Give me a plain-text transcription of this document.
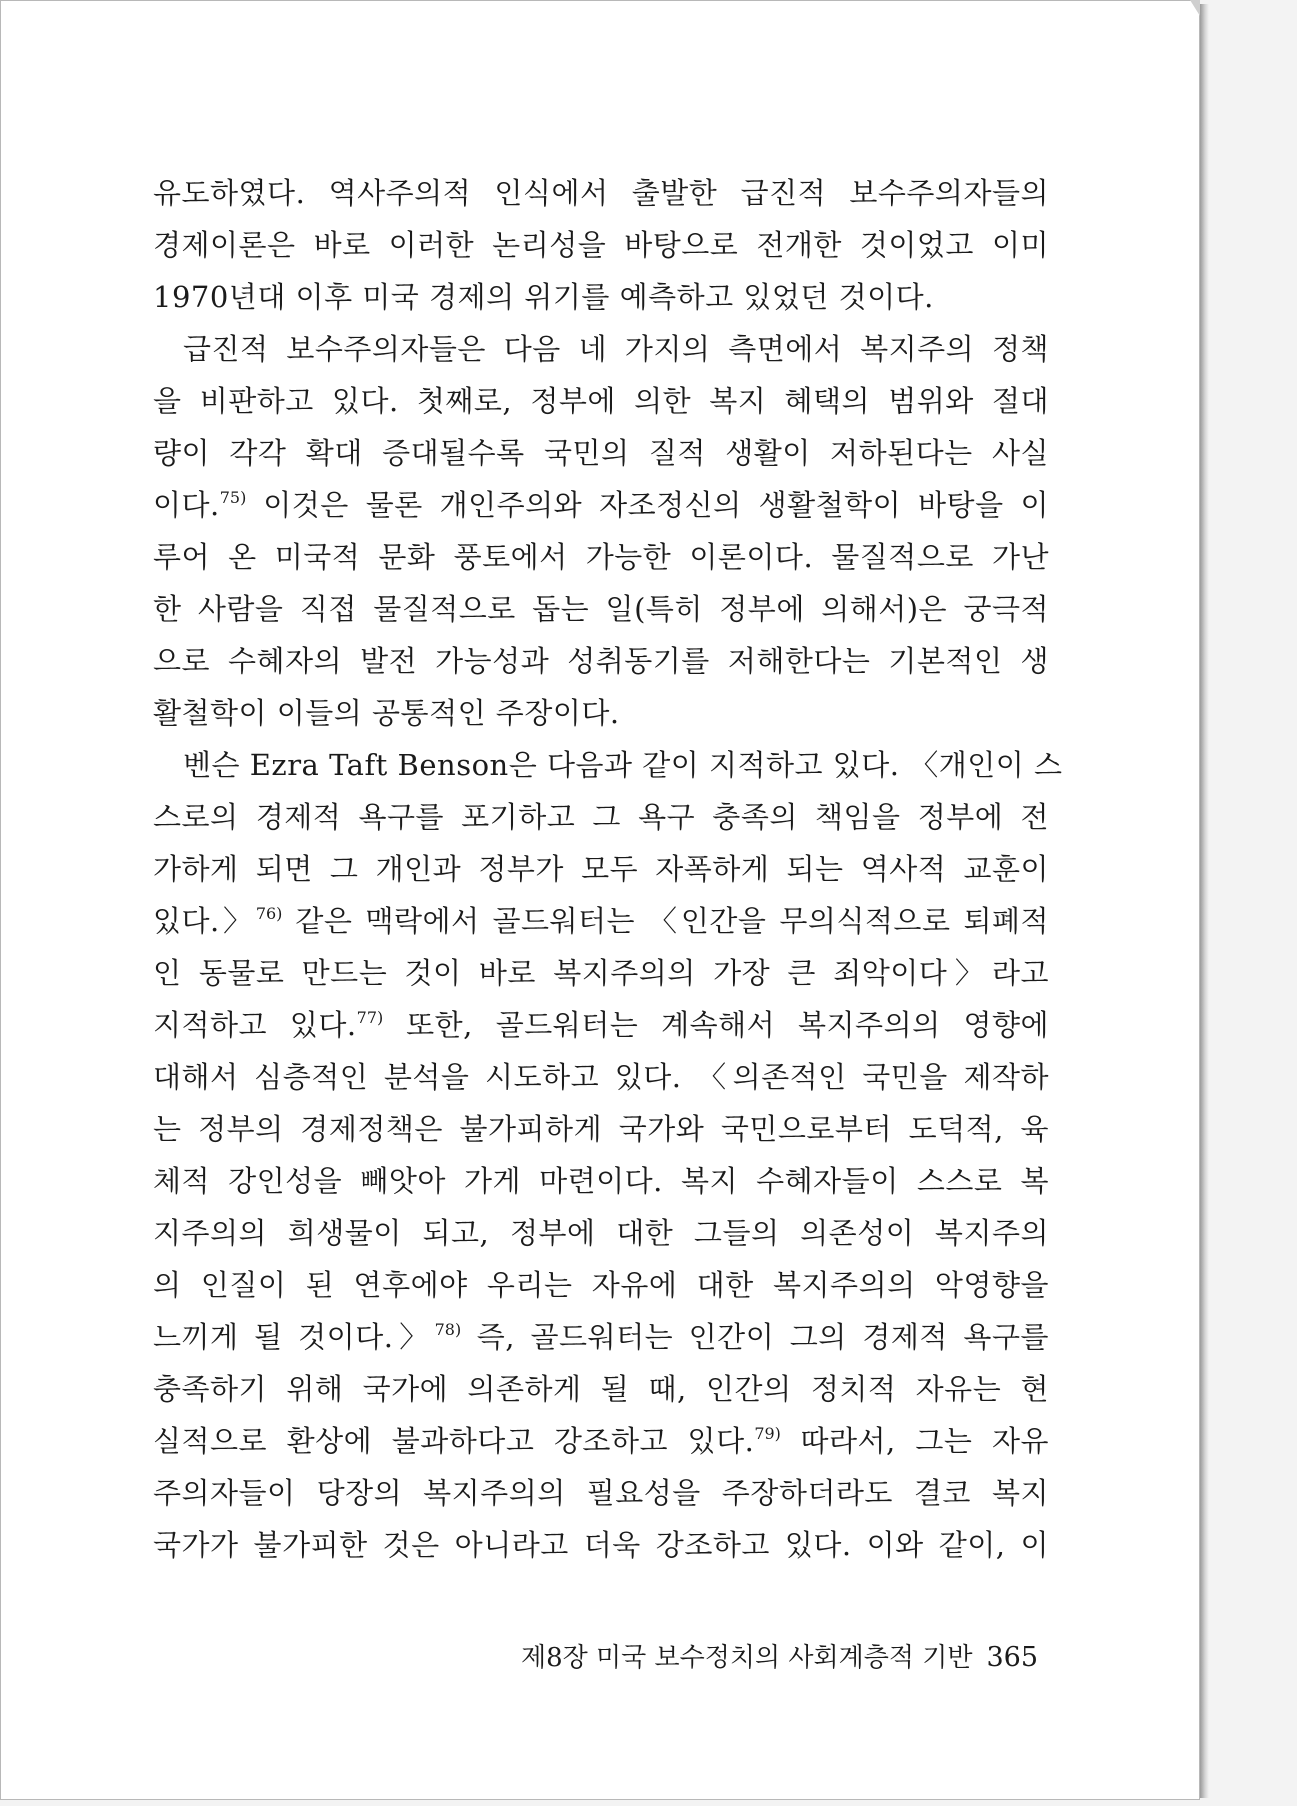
유도하였다. 역사주의적 인식에서 출발한 급진적 보수주의자들의
경제이론은 바로 이러한 논리성을 바탕으로 전개한 것이었고 이미
1970년대 이후 미국 경제의 위기를 예측하고 있었던 것이다.
급진적 보수주의자들은 다음 네 가지의 측면에서 복지주의 정책
을 비판하고 있다. 첫째로, 정부에 의한 복지 혜택의 범위와 절대
량이 각각 확대 증대될수록 국민의 질적 생활이 저하된다는 사실
이다.$^{75)}$ 이것은 물론 개인주의와 자조정신의 생활철학이 바탕을 이
루어 온 미국적 문화 풍토에서 가능한 이론이다. 물질적으로 가난
한 사람을 직접 물질적으로 돕는 일(특히 정부에 의해서)은 궁극적
으로 수혜자의 발전 가능성과 성취동기를 저해한다는 기본적인 생
활철학이 이들의 공통적인 주장이다.
벤슨 Ezra Taft Benson은 다음과 같이 지적하고 있다. 〈개인이 스
스로의 경제적 욕구를 포기하고 그 욕구 충족의 책임을 정부에 전
가하게 되면 그 개인과 정부가 모두 자폭하게 되는 역사적 교훈이
있다.〉$^{76)}$ 같은 맥락에서 골드워터는 〈인간을 무의식적으로 퇴폐적
인 동물로 만드는 것이 바로 복지주의의 가장 큰 죄악이다〉라고
지적하고 있다.$^{77)}$ 또한, 골드워터는 계속해서 복지주의의 영향에
대해서 심층적인 분석을 시도하고 있다. 〈의존적인 국민을 제작하
는 정부의 경제정책은 불가피하게 국가와 국민으로부터 도덕적, 육
체적 강인성을 빼앗아 가게 마련이다. 복지 수혜자들이 스스로 복
지주의의 희생물이 되고, 정부에 대한 그들의 의존성이 복지주의
의 인질이 된 연후에야 우리는 자유에 대한 복지주의의 악영향을
느끼게 될 것이다.〉$^{78)}$ 즉, 골드워터는 인간이 그의 경제적 욕구를
충족하기 위해 국가에 의존하게 될 때, 인간의 정치적 자유는 현
실적으로 환상에 불과하다고 강조하고 있다.$^{79)}$ 따라서, 그는 자유
주의자들이 당장의 복지주의의 필요성을 주장하더라도 결코 복지
국가가 불가피한 것은 아니라고 더욱 강조하고 있다. 이와 같이, 이
제8장 미국 보수정치의 사회계층적 기반 365
